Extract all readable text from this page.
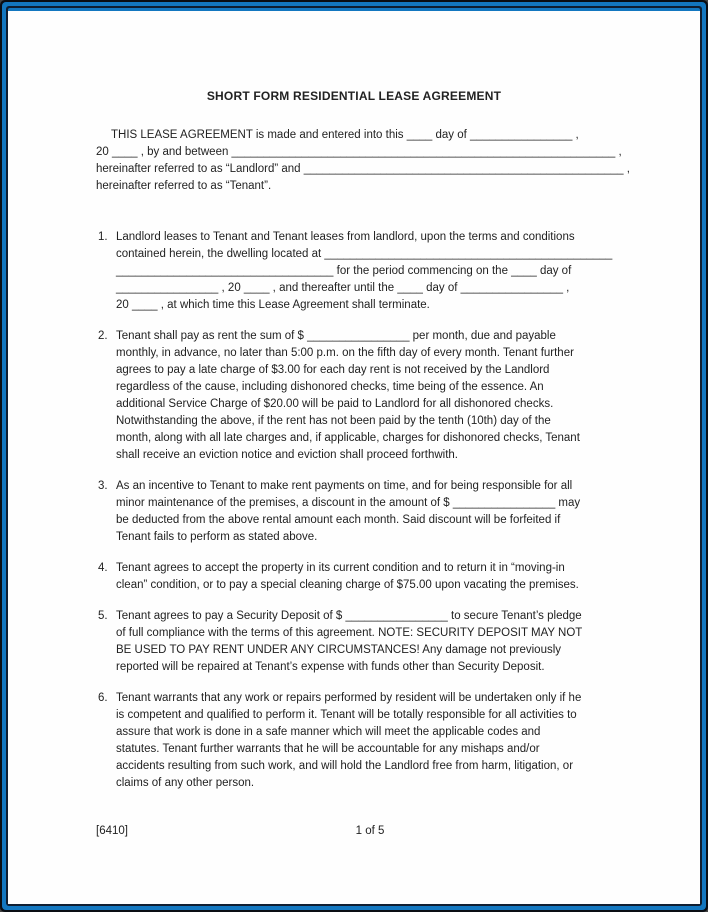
SHORT FORM RESIDENTIAL LEASE AGREEMENT
THIS LEASE AGREEMENT is made and entered into this ____ day of ________________ ,
20 ____ , by and between ____________________________________________________________ ,
hereinafter referred to as “Landlord” and __________________________________________________ ,
hereinafter referred to as “Tenant”.
1. Landlord leases to Tenant and Tenant leases from landlord, upon the terms and conditions
contained herein, the dwelling located at _____________________________________________
__________________________________ for the period commencing on the ____ day of
________________ , 20 ____ , and thereafter until the ____ day of ________________ ,
20 ____ , at which time this Lease Agreement shall terminate.
2. Tenant shall pay as rent the sum of $ ________________ per month, due and payable
monthly, in advance, no later than 5:00 p.m. on the fifth day of every month. Tenant further
agrees to pay a late charge of $3.00 for each day rent is not received by the Landlord
regardless of the cause, including dishonored checks, time being of the essence. An
additional Service Charge of $20.00 will be paid to Landlord for all dishonored checks.
Notwithstanding the above, if the rent has not been paid by the tenth (10th) day of the
month, along with all late charges and, if applicable, charges for dishonored checks, Tenant
shall receive an eviction notice and eviction shall proceed forthwith.
3. As an incentive to Tenant to make rent payments on time, and for being responsible for all
minor maintenance of the premises, a discount in the amount of $ ________________ may
be deducted from the above rental amount each month. Said discount will be forfeited if
Tenant fails to perform as stated above.
4. Tenant agrees to accept the property in its current condition and to return it in “moving-in
clean” condition, or to pay a special cleaning charge of $75.00 upon vacating the premises.
5. Tenant agrees to pay a Security Deposit of $ ________________ to secure Tenant’s pledge
of full compliance with the terms of this agreement. NOTE: SECURITY DEPOSIT MAY NOT
BE USED TO PAY RENT UNDER ANY CIRCUMSTANCES! Any damage not previously
reported will be repaired at Tenant’s expense with funds other than Security Deposit.
6. Tenant warrants that any work or repairs performed by resident will be undertaken only if he
is competent and qualified to perform it. Tenant will be totally responsible for all activities to
assure that work is done in a safe manner which will meet the applicable codes and
statutes. Tenant further warrants that he will be accountable for any mishaps and/or
accidents resulting from such work, and will hold the Landlord free from harm, litigation, or
claims of any other person.
[6410]	1 of 5
